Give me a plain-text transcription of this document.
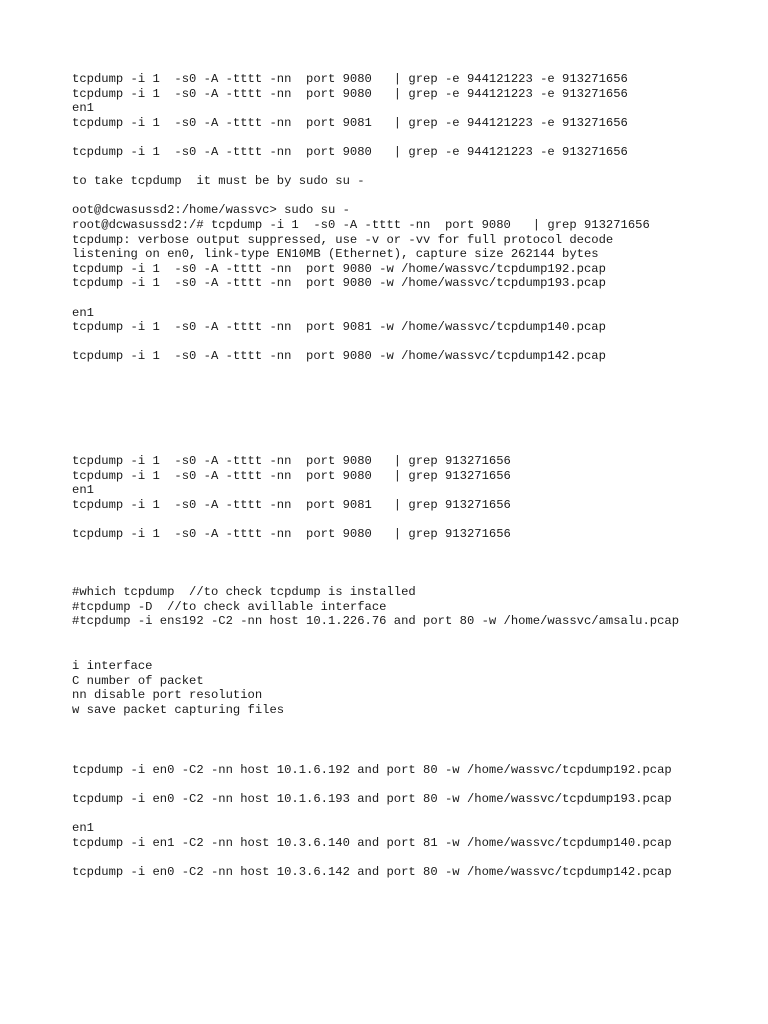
tcpdump -i 1  -s0 -A -tttt -nn  port 9080   | grep -e 944121223 -e 913271656
tcpdump -i 1  -s0 -A -tttt -nn  port 9080   | grep -e 944121223 -e 913271656
en1
tcpdump -i 1  -s0 -A -tttt -nn  port 9081   | grep -e 944121223 -e 913271656
tcpdump -i 1  -s0 -A -tttt -nn  port 9080   | grep -e 944121223 -e 913271656
to take tcpdump  it must be by sudo su -
oot@dcwasussd2:/home/wassvc> sudo su -
root@dcwasussd2:/# tcpdump -i 1  -s0 -A -tttt -nn  port 9080   | grep 913271656
tcpdump: verbose output suppressed, use -v or -vv for full protocol decode
listening on en0, link-type EN10MB (Ethernet), capture size 262144 bytes
tcpdump -i 1  -s0 -A -tttt -nn  port 9080 -w /home/wassvc/tcpdump192.pcap
tcpdump -i 1  -s0 -A -tttt -nn  port 9080 -w /home/wassvc/tcpdump193.pcap
en1
tcpdump -i 1  -s0 -A -tttt -nn  port 9081 -w /home/wassvc/tcpdump140.pcap
tcpdump -i 1  -s0 -A -tttt -nn  port 9080 -w /home/wassvc/tcpdump142.pcap
tcpdump -i 1  -s0 -A -tttt -nn  port 9080   | grep 913271656
tcpdump -i 1  -s0 -A -tttt -nn  port 9080   | grep 913271656
en1
tcpdump -i 1  -s0 -A -tttt -nn  port 9081   | grep 913271656
tcpdump -i 1  -s0 -A -tttt -nn  port 9080   | grep 913271656
#which tcpdump  //to check tcpdump is installed
#tcpdump -D  //to check avillable interface
#tcpdump -i ens192 -C2 -nn host 10.1.226.76 and port 80 -w /home/wassvc/amsalu.pcap
i interface
C number of packet
nn disable port resolution
w save packet capturing files
tcpdump -i en0 -C2 -nn host 10.1.6.192 and port 80 -w /home/wassvc/tcpdump192.pcap
tcpdump -i en0 -C2 -nn host 10.1.6.193 and port 80 -w /home/wassvc/tcpdump193.pcap
en1
tcpdump -i en1 -C2 -nn host 10.3.6.140 and port 81 -w /home/wassvc/tcpdump140.pcap
tcpdump -i en0 -C2 -nn host 10.3.6.142 and port 80 -w /home/wassvc/tcpdump142.pcap
